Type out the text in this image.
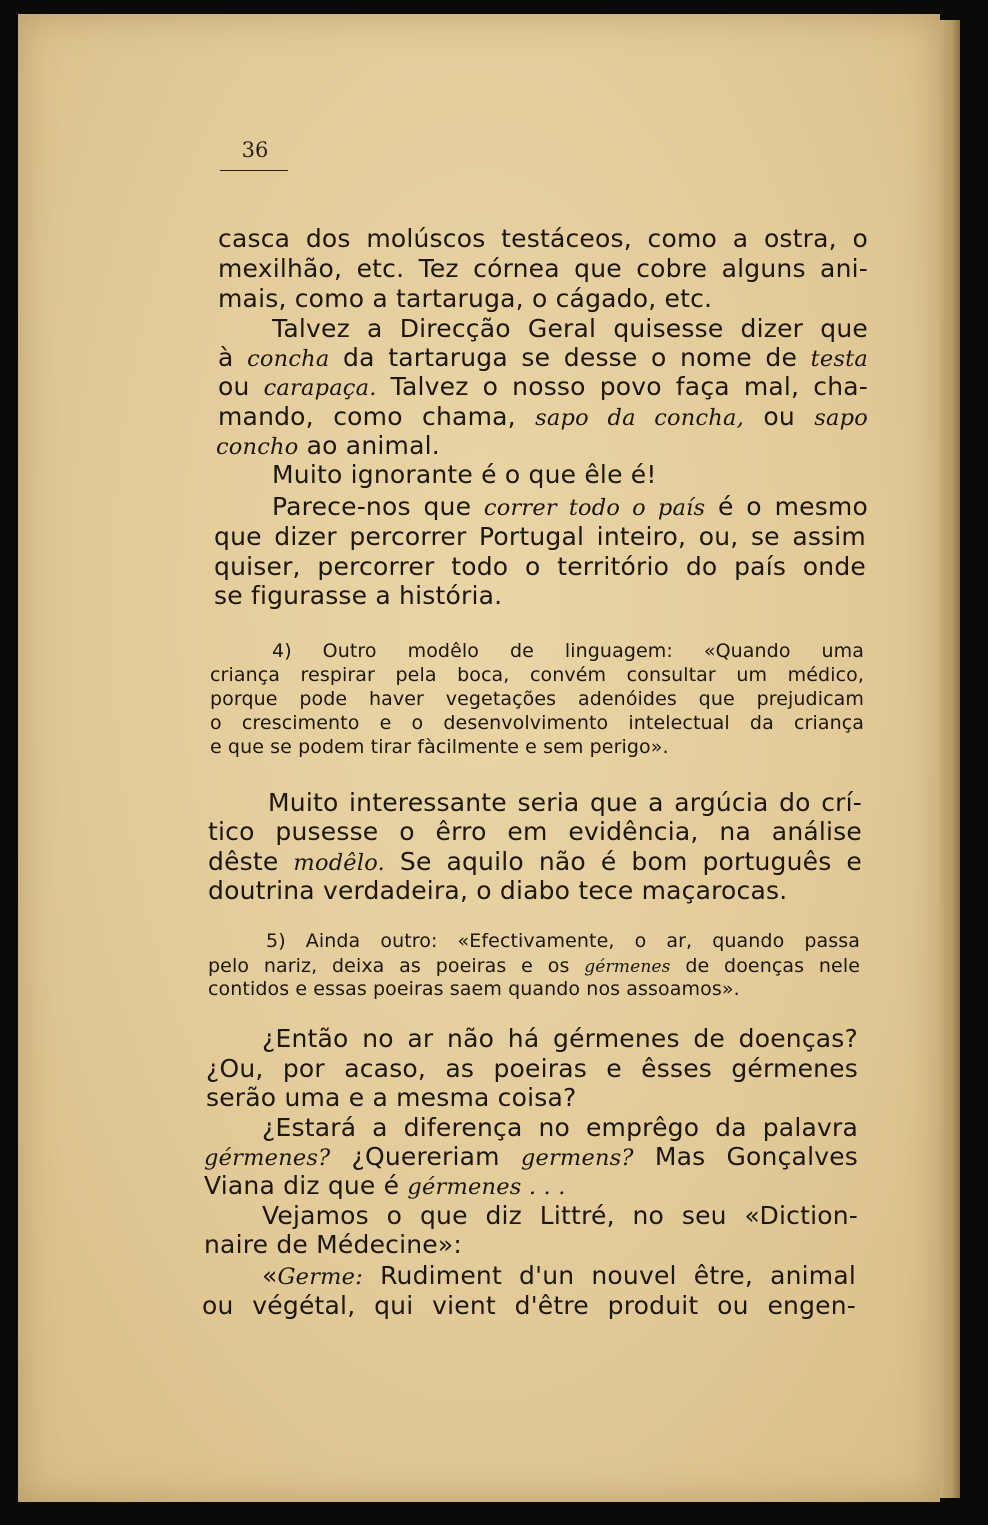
36
casca dos molúscos testáceos, como a ostra, o
mexilhão, etc. Tez córnea que cobre alguns ani-
mais, como a tartaruga, o cágado, etc.
Talvez a Direcção Geral quisesse dizer que
à concha da tartaruga se desse o nome de testa
ou carapaça. Talvez o nosso povo faça mal, cha-
mando, como chama, sapo da concha, ou sapo
concho ao animal.
Muito ignorante é o que êle é!
Parece-nos que correr todo o país é o mesmo
que dizer percorrer Portugal inteiro, ou, se assim
quiser, percorrer todo o território do país onde
se figurasse a história.
4) Outro modêlo de linguagem: «Quando uma
criança respirar pela boca, convém consultar um médico,
porque pode haver vegetações adenóides que prejudicam
o crescimento e o desenvolvimento intelectual da criança
e que se podem tirar fàcilmente e sem perigo».
Muito interessante seria que a argúcia do crí-
tico pusesse o êrro em evidência, na análise
dêste modêlo. Se aquilo não é bom português e
doutrina verdadeira, o diabo tece maçarocas.
5) Ainda outro: «Efectivamente, o ar, quando passa
pelo nariz, deixa as poeiras e os gérmenes de doenças nele
contidos e essas poeiras saem quando nos assoamos».
¿Então no ar não há gérmenes de doenças?
¿Ou, por acaso, as poeiras e êsses gérmenes
serão uma e a mesma coisa?
¿Estará a diferença no emprêgo da palavra
gérmenes? ¿Quereriam germens? Mas Gonçalves
Viana diz que é gérmenes . . .
Vejamos o que diz Littré, no seu «Diction-
naire de Médecine»:
«Germe: Rudiment d'un nouvel être, animal
ou végétal, qui vient d'être produit ou engen-
